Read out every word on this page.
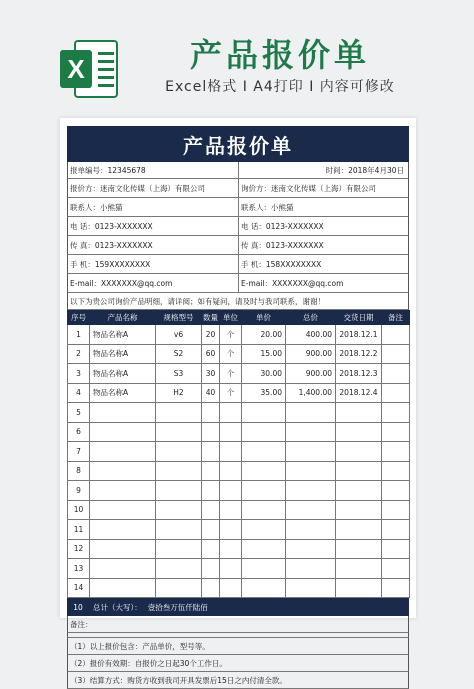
X	产品报价单
Excel格式 I A4打印 I 内容可修改
产品报价单
报单编号：12345678	时间：2018年4月30日
报价方：迷南文化传媒（上海）有限公司	询价方：迷南文化传媒（上海）有限公司
联系人：小熊猫	联系人：小熊猫
电 话：0123-XXXXXXX	电 话：0123-XXXXXXX
传 真：0123-XXXXXXX	传 真：0123-XXXXXXX
手 机：159XXXXXXXX	手 机：158XXXXXXXX
E-mail：XXXXXXX@qq.com	E-mail：XXXXXXX@qq.com
以下为贵公司询价产品明细，请详阅；如有疑问，请及时与我司联系，谢谢！
序号	产品名称	规格型号	数量	单位	单价	总价	交货日期	备注
1	物品名称A	v6	20	个	20.00	400.00	2018.12.1	
2	物品名称A	S2	60	个	15.00	900.00	2018.12.2	
3	物品名称A	S3	30	个	30.00	900.00	2018.12.3	
4	物品名称A	H2	40	个	35.00	1,400.00	2018.12.4	
5								
6								
7								
8								
9								
10								
11								
12								
13								
14								
10	总计（大写）： 壹拾叁万伍仟陆佰
备注：
（1）以上报价包含：产品单价，型号等。
（2）报价有效期：自报价之日起30个工作日。
（3）结算方式：购货方收到我司开具发票后15日之内付清全款。
